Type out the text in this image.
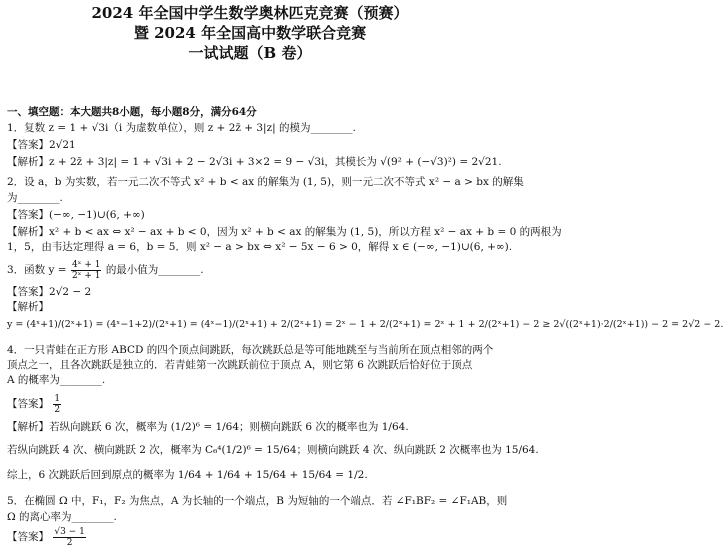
2024 年全国中学生数学奥林匹克竞赛（预赛）
暨 2024 年全国高中数学联合竞赛
一试试题（B 卷）
一、填空题：本大题共8小题，每小题8分，满分64分
1．复数 z = 1 + √3i（i 为虚数单位），则 z + 2z̄ + 3|z| 的模为________.
【答案】2√21
【解析】z + 2z̄ + 3|z| = 1 + √3i + 2 − 2√3i + 3×2 = 9 − √3i，其模长为 √(9² + (−√3)²) = 2√21.
2．设 a，b 为实数，若一元二次不等式 x² + b < ax 的解集为 (1, 5)，则一元二次不等式 x² − a > bx 的解集
为________.
【答案】(−∞, −1)∪(6, +∞)
【解析】x² + b < ax ⇔ x² − ax + b < 0，因为 x² + b < ax 的解集为 (1, 5)，所以方程 x² − ax + b = 0 的两根为
1，5，由韦达定理得 a = 6，b = 5．则 x² − a > bx ⇔ x² − 5x − 6 > 0，解得 x ∈ (−∞, −1)∪(6, +∞).
3．函数 $y = \frac{\text{4ˣ + 1}}{\text{2ˣ + 1}}$ 的最小值为________.
【答案】2√2 − 2
【解析】
y = (4ˣ+1)/(2ˣ+1) = (4ˣ−1+2)/(2ˣ+1) = (4ˣ−1)/(2ˣ+1) + 2/(2ˣ+1) = 2ˣ − 1 + 2/(2ˣ+1) = 2ˣ + 1 + 2/(2ˣ+1) − 2 ≥ 2√((2ˣ+1)·2/(2ˣ+1)) − 2 = 2√2 − 2.
4．一只青蛙在正方形 ABCD 的四个顶点间跳跃，每次跳跃总是等可能地跳至与当前所在顶点相邻的两个
顶点之一，且各次跳跃是独立的．若青蛙第一次跳跃前位于顶点 A，则它第 6 次跳跃后恰好位于顶点
A 的概率为________.
【答案】 $\frac{1}{2}$
【解析】若纵向跳跃 6 次，概率为 (1/2)⁶ = 1/64；则横向跳跃 6 次的概率也为 1/64.
若纵向跳跃 4 次、横向跳跃 2 次，概率为 C₆⁴(1/2)⁶ = 15/64；则横向跳跃 4 次、纵向跳跃 2 次概率也为 15/64.
综上，6 次跳跃后回到原点的概率为 1/64 + 1/64 + 15/64 + 15/64 = 1/2.
5．在椭圆 Ω 中，F₁，F₂ 为焦点，A 为长轴的一个端点，B 为短轴的一个端点．若 ∠F₁BF₂ = ∠F₁AB，则
Ω 的离心率为________.
【答案】 $\frac{√3 - 1}{2}$
